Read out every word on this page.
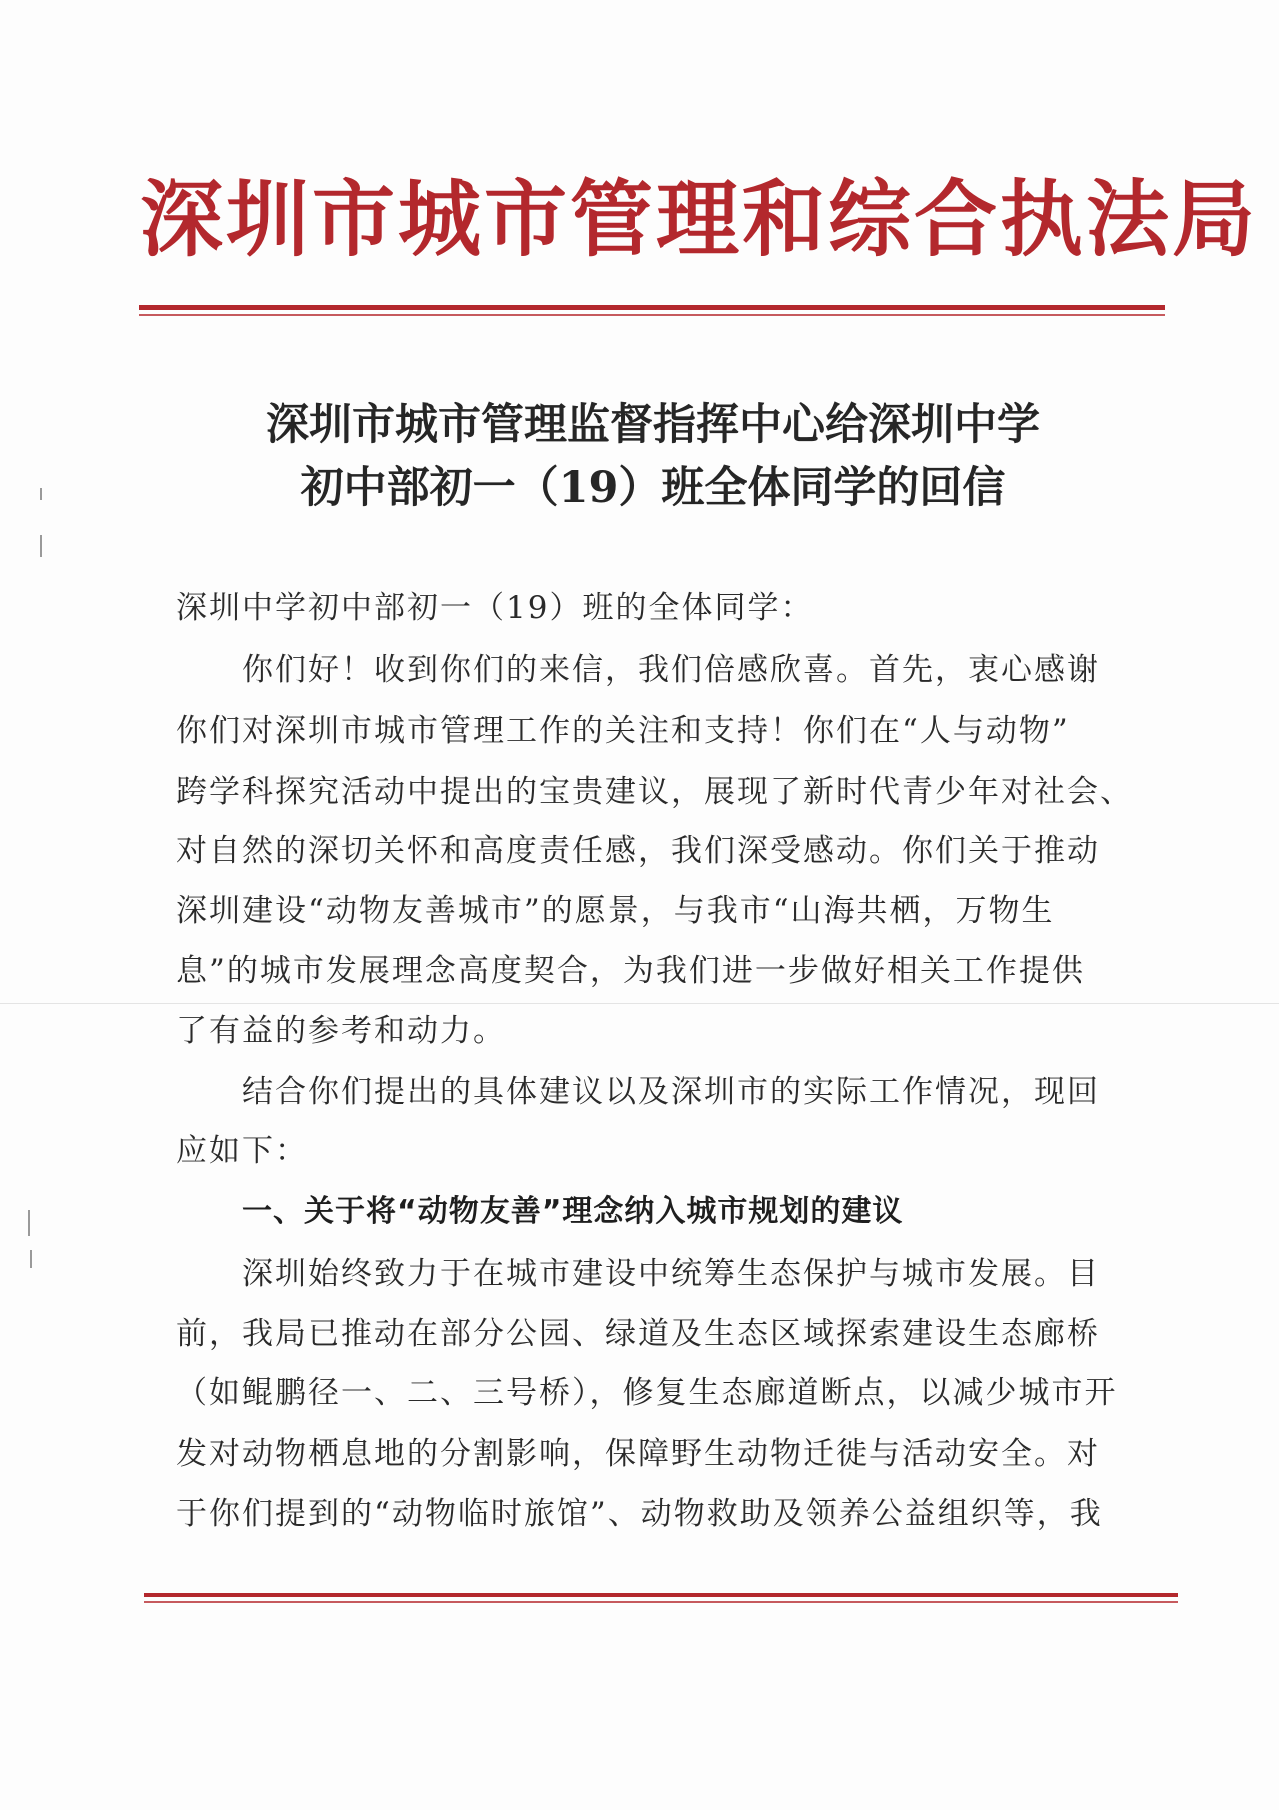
深圳市城市管理和综合执法局
深圳市城市管理监督指挥中心给深圳中学
初中部初一（19）班全体同学的回信
深圳中学初中部初一（19）班的全体同学：
你们好！收到你们的来信，我们倍感欣喜。首先，衷心感谢
你们对深圳市城市管理工作的关注和支持！你们在“人与动物”
跨学科探究活动中提出的宝贵建议，展现了新时代青少年对社会、
对自然的深切关怀和高度责任感，我们深受感动。你们关于推动
深圳建设“动物友善城市”的愿景，与我市“山海共栖，万物生
息”的城市发展理念高度契合，为我们进一步做好相关工作提供
了有益的参考和动力。
结合你们提出的具体建议以及深圳市的实际工作情况，现回
应如下：
一、关于将“动物友善”理念纳入城市规划的建议
深圳始终致力于在城市建设中统筹生态保护与城市发展。目
前，我局已推动在部分公园、绿道及生态区域探索建设生态廊桥
（如鲲鹏径一、二、三号桥），修复生态廊道断点，以减少城市开
发对动物栖息地的分割影响，保障野生动物迁徙与活动安全。对
于你们提到的“动物临时旅馆”、动物救助及领养公益组织等，我
